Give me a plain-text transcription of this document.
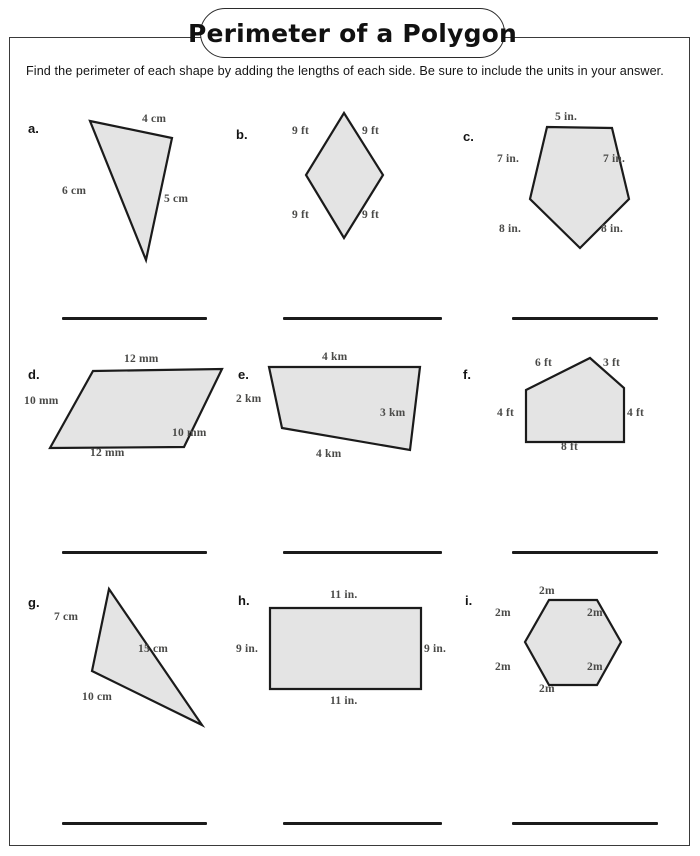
Perimeter of a Polygon
Find the perimeter of each shape by adding the lengths of each side. Be sure to include the units in your answer.
a.
4 cm
6 cm
5 cm
b.	9 ft	9 ft
9 ft	9 ft
c.
5 in.
7 in.	7 in.
8 in.	8 in.
d.
12 mm
10 mm
10 mm
12 mm
e.
4 km
2 km
3 km
4 km
f.
6 ft	3 ft
4 ft	4 ft
8 ft
g.
7 cm
15 cm
10 cm
h.	11 in.
9 in.	9 in.
11 in.
i.
2m
2m	2m
2m	2m
2m
